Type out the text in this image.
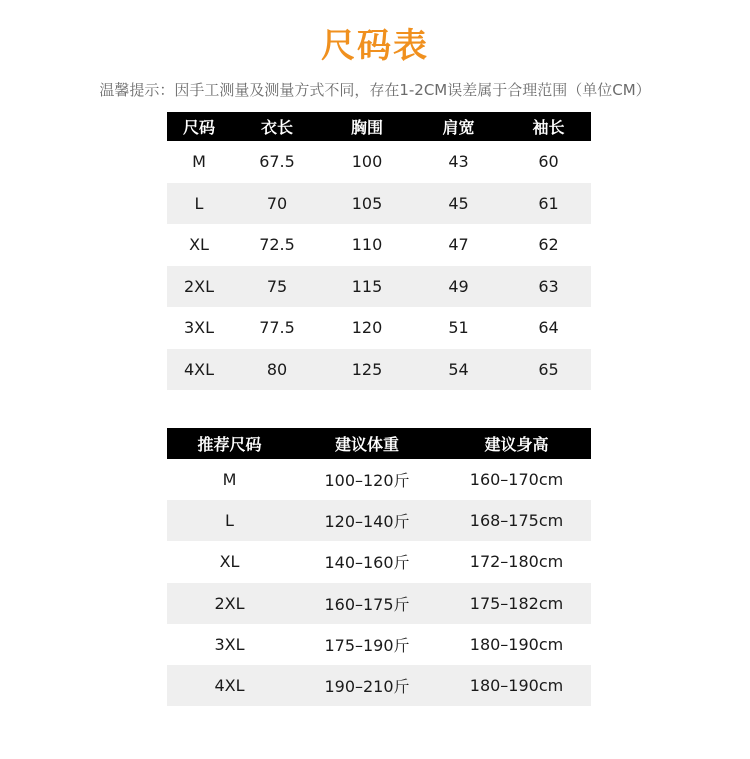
尺码表
温馨提示：因手工测量及测量方式不同，存在1-2CM误差属于合理范围（单位CM）
尺码	衣长	胸围	肩宽	袖长
M	67.5	100	43	60
L	70	105	45	61
XL	72.5	110	47	62
2XL	75	115	49	63
3XL	77.5	120	51	64
4XL	80	125	54	65
推荐尺码	建议体重	建议身高
M	100–120斤	160–170cm
L	120–140斤	168–175cm
XL	140–160斤	172–180cm
2XL	160–175斤	175–182cm
3XL	175–190斤	180–190cm
4XL	190–210斤	180–190cm
